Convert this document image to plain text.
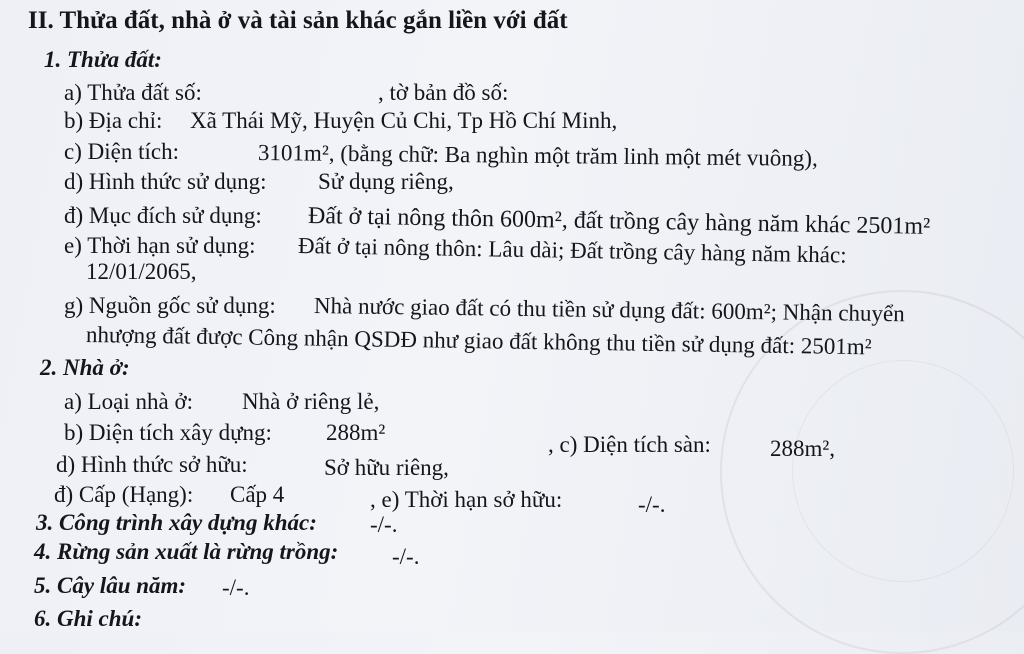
II. Thửa đất, nhà ở và tài sản khác gắn liền với đất
1. Thửa đất:
a) Thửa đất số:	, tờ bản đồ số:
b) Địa chỉ: Xã Thái Mỹ, Huyện Củ Chi, Tp Hồ Chí Minh,
c) Diện tích:	3101m², (bằng chữ: Ba nghìn một trăm linh một mét vuông),
d) Hình thức sử dụng: Sử dụng riêng,
đ) Mục đích sử dụng: Đất ở tại nông thôn 600m², đất trồng cây hàng năm khác 2501m²
e) Thời hạn sử dụng: Đất ở tại nông thôn: Lâu dài; Đất trồng cây hàng năm khác:
12/01/2065,
g) Nguồn gốc sử dụng: Nhà nước giao đất có thu tiền sử dụng đất: 600m²; Nhận chuyển
nhượng đất được Công nhận QSDĐ như giao đất không thu tiền sử dụng đất: 2501m²
2. Nhà ở:
a) Loại nhà ở: Nhà ở riêng lẻ,
b) Diện tích xây dựng: 288m²	, c) Diện tích sàn:	288m²,
d) Hình thức sở hữu:	Sở hữu riêng,
đ) Cấp (Hạng): Cấp 4	, e) Thời hạn sở hữu:	-/-.
3. Công trình xây dựng khác: -/-.
4. Rừng sản xuất là rừng trồng: -/-.
5. Cây lâu năm: -/-.
6. Ghi chú:
